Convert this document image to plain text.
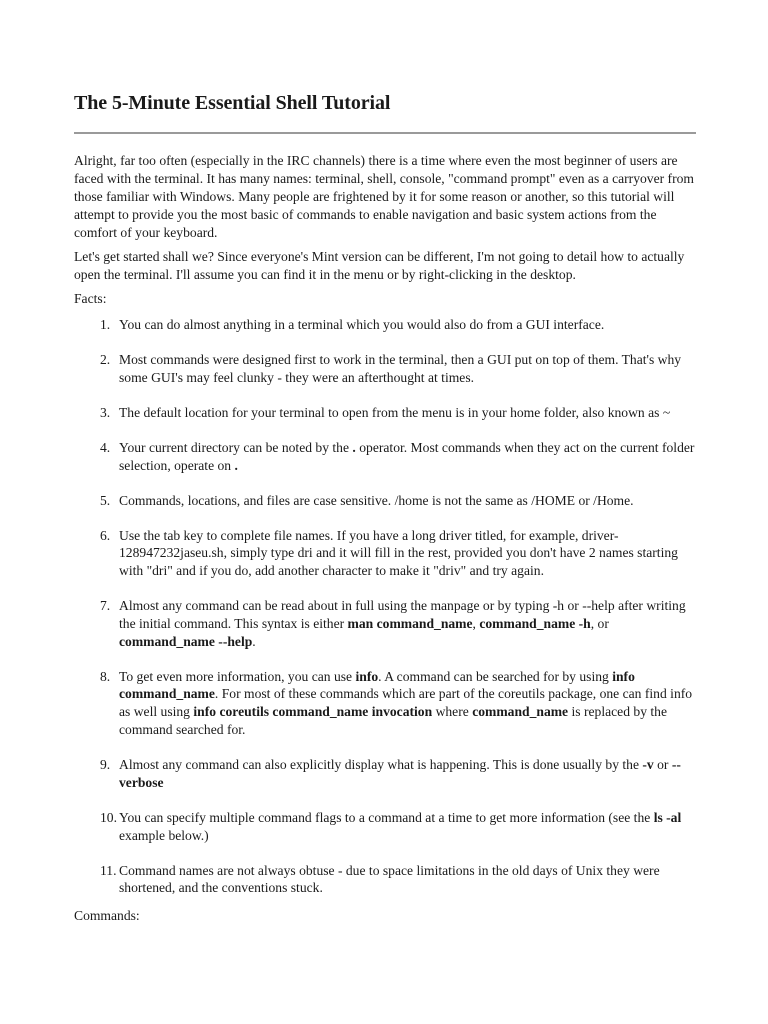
The 5-Minute Essential Shell Tutorial

Alright, far too often (especially in the IRC channels) there is a time where even the most beginner of users are faced with the terminal. It has many names: terminal, shell, console, "command prompt" even as a carryover from those familiar with Windows. Many people are frightened by it for some reason or another, so this tutorial will attempt to provide you the most basic of commands to enable navigation and basic system actions from the comfort of your keyboard.

Let's get started shall we? Since everyone's Mint version can be different, I'm not going to detail how to actually open the terminal. I'll assume you can find it in the menu or by right-clicking in the desktop.

Facts:

1. You can do almost anything in a terminal which you would also do from a GUI interface.
2. Most commands were designed first to work in the terminal, then a GUI put on top of them. That's why some GUI's may feel clunky - they were an afterthought at times.
3. The default location for your terminal to open from the menu is in your home folder, also known as ~
4. Your current directory can be noted by the . operator. Most commands when they act on the current folder selection, operate on .
5. Commands, locations, and files are case sensitive. /home is not the same as /HOME or /Home.
6. Use the tab key to complete file names. If you have a long driver titled, for example, driver-128947232jaseu.sh, simply type dri and it will fill in the rest, provided you don't have 2 names starting with "dri" and if you do, add another character to make it "driv" and try again.
7. Almost any command can be read about in full using the manpage or by typing -h or --help after writing the initial command. This syntax is either man command_name, command_name -h, or command_name --help.
8. To get even more information, you can use info. A command can be searched for by using info command_name. For most of these commands which are part of the coreutils package, one can find info as well using info coreutils command_name invocation where command_name is replaced by the command searched for.
9. Almost any command can also explicitly display what is happening. This is done usually by the -v or --verbose
10. You can specify multiple command flags to a command at a time to get more information (see the ls -al example below.)
11. Command names are not always obtuse - due to space limitations in the old days of Unix they were shortened, and the conventions stuck.

Commands:
